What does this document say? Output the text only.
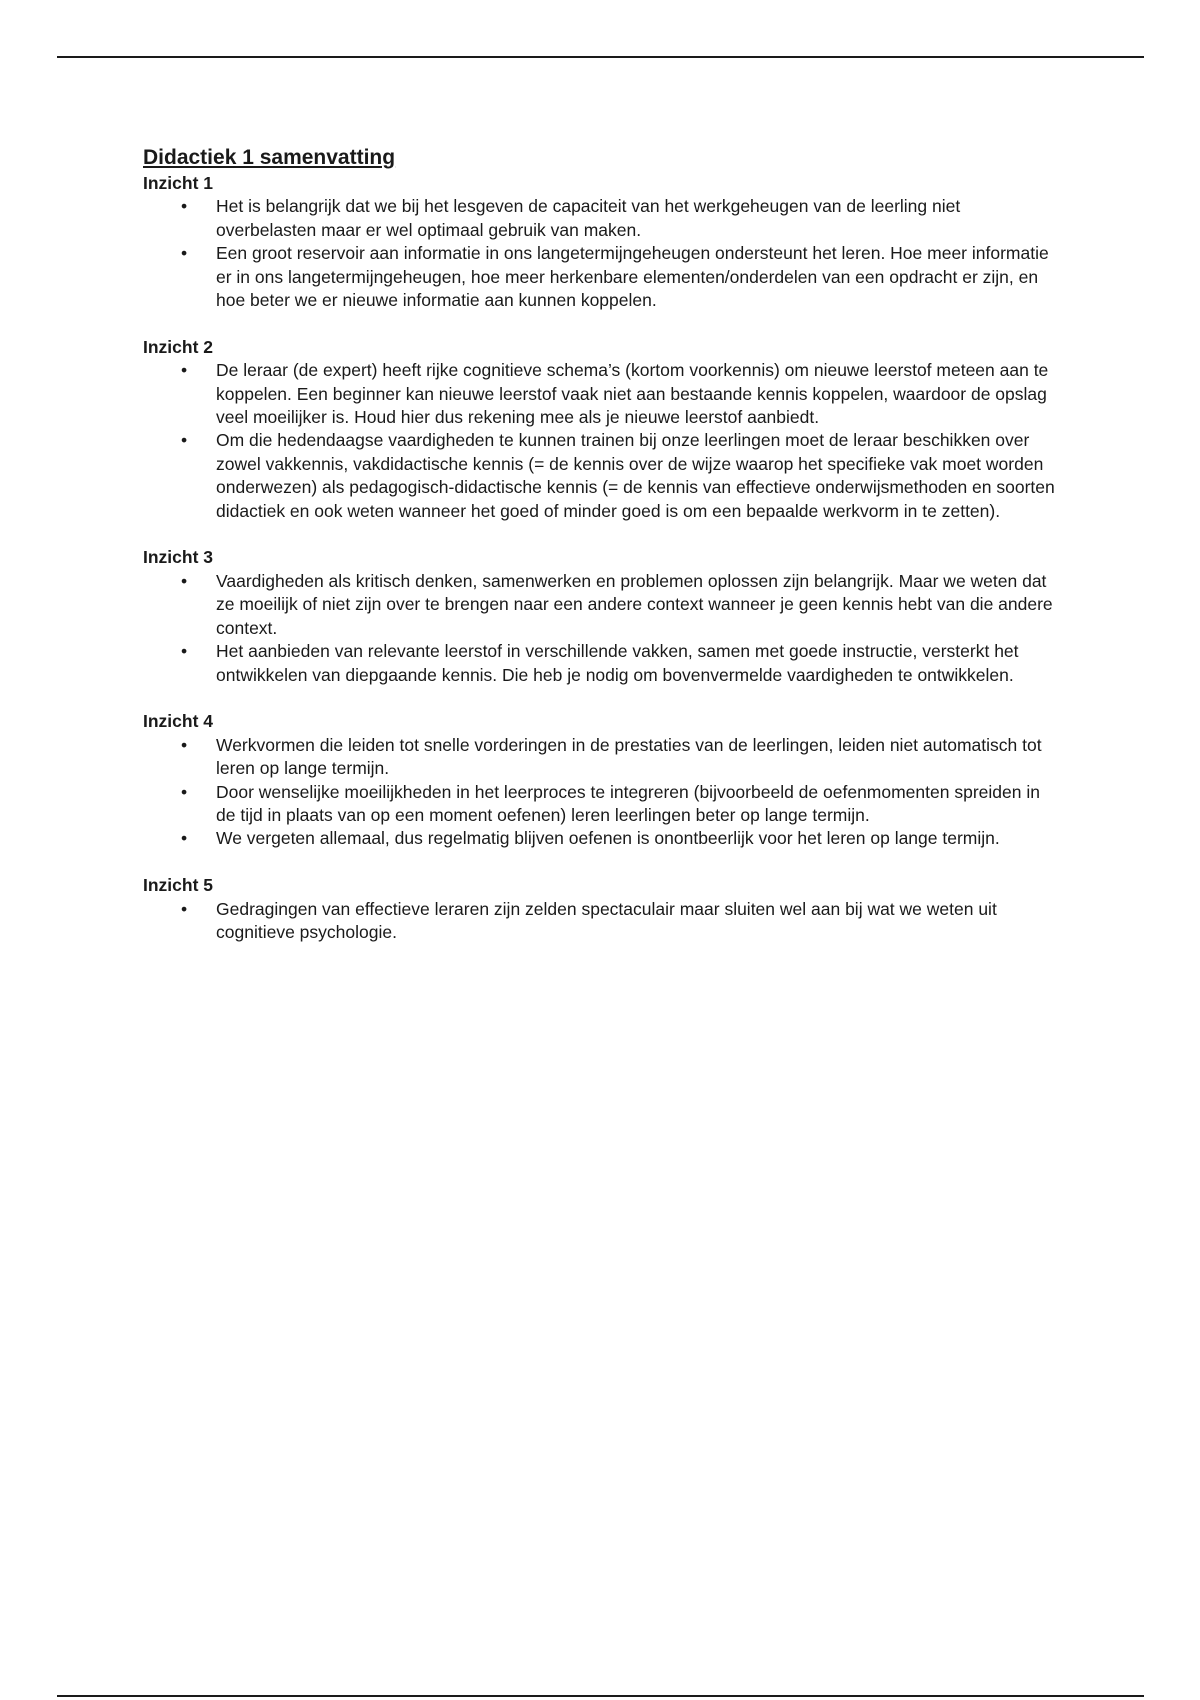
Didactiek 1 samenvatting
Inzicht 1
• Het is belangrijk dat we bij het lesgeven de capaciteit van het werkgeheugen van de leerling niet overbelasten maar er wel optimaal gebruik van maken.
• Een groot reservoir aan informatie in ons langetermijngeheugen ondersteunt het leren. Hoe meer informatie er in ons langetermijngeheugen, hoe meer herkenbare elementen/onderdelen van een opdracht er zijn, en hoe beter we er nieuwe informatie aan kunnen koppelen.
Inzicht 2
• De leraar (de expert) heeft rijke cognitieve schema’s (kortom voorkennis) om nieuwe leerstof meteen aan te koppelen. Een beginner kan nieuwe leerstof vaak niet aan bestaande kennis koppelen, waardoor de opslag veel moeilijker is. Houd hier dus rekening mee als je nieuwe leerstof aanbiedt.
• Om die hedendaagse vaardigheden te kunnen trainen bij onze leerlingen moet de leraar beschikken over zowel vakkennis, vakdidactische kennis (= de kennis over de wijze waarop het specifieke vak moet worden onderwezen) als pedagogisch-didactische kennis (= de kennis van effectieve onderwijsmethoden en soorten didactiek en ook weten wanneer het goed of minder goed is om een bepaalde werkvorm in te zetten).
Inzicht 3
• Vaardigheden als kritisch denken, samenwerken en problemen oplossen zijn belangrijk. Maar we weten dat ze moeilijk of niet zijn over te brengen naar een andere context wanneer je geen kennis hebt van die andere context.
• Het aanbieden van relevante leerstof in verschillende vakken, samen met goede instructie, versterkt het ontwikkelen van diepgaande kennis. Die heb je nodig om bovenvermelde vaardigheden te ontwikkelen.
Inzicht 4
• Werkvormen die leiden tot snelle vorderingen in de prestaties van de leerlingen, leiden niet automatisch tot leren op lange termijn.
• Door wenselijke moeilijkheden in het leerproces te integreren (bijvoorbeeld de oefenmomenten spreiden in de tijd in plaats van op een moment oefenen) leren leerlingen beter op lange termijn.
• We vergeten allemaal, dus regelmatig blijven oefenen is onontbeerlijk voor het leren op lange termijn.
Inzicht 5
• Gedragingen van effectieve leraren zijn zelden spectaculair maar sluiten wel aan bij wat we weten uit cognitieve psychologie.
